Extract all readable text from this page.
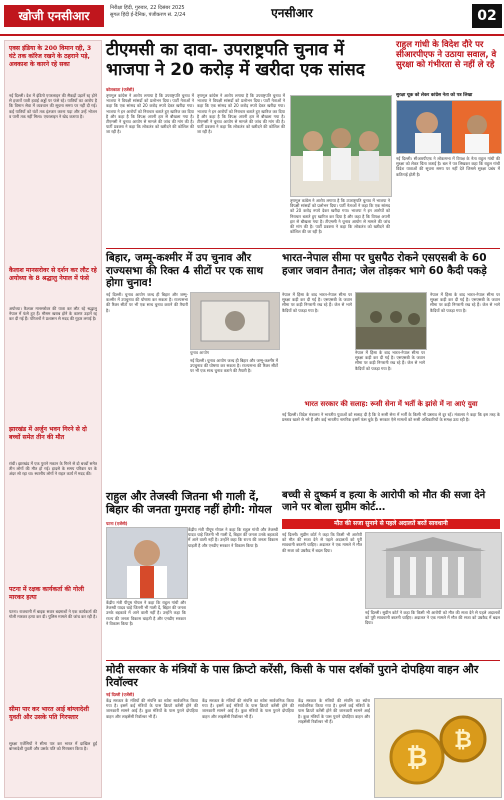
खोजी एनसीआर
निरीक्षा हिंदी, गुरुवार, 22 दिसंबर 2025
सुगल हिंदी ई-दैनिक, पंजीकरण सं. 2/24	एनसीआर	02
एक्स इंडिया के 200 विमान रद्दी, 3 घंटे तक कॉरेज रखने के ठहराने पड़े, अवकाश के कारने रहे सका

नई दिल्ली। देश में इंडिगो एयरलाइन की सैकड़ों उड़ानें रद्द होने से हजारों यात्री हवाई अड्डों पर फंसे रहे। यात्रियों का आरोप है कि विमान सेवा में व्यवधान की सूचना समय पर नहीं दी गई। कई यात्रियों को घंटों तक इंतजार करना पड़ा और उन्हें भोजन व पानी तक नहीं मिला। एयरलाइन ने खेद जताया है।

कैलाश मानसरोवर से दर्शन कर लौट रहे अयोध्या के 8 श्रद्धालु नेपाल में फंसे

अयोध्या। कैलाश मानसरोवर की यात्रा कर लौट रहे श्रद्धालु नेपाल में फंसे हुए हैं। मौसम खराब होने के कारण उड़ानें रद्द कर दी गई हैं। परिजनों ने प्रशासन से मदद की गुहार लगाई है।

झारखंड में अर्जुन भवन गिरने से दो बच्चों समेत तीन की मौत

रांची। झारखंड में एक पुराने मकान के गिरने से दो बच्चों समेत तीन लोगों की मौत हो गई। हादसे के समय परिवार घर के अंदर सो रहा था। स्थानीय लोगों ने राहत कार्य में मदद की।

पटना में रक्षक कार्यकर्ता की गोली मारकर हत्या

पटना। राजधानी में बाइक सवार बदमाशों ने एक कार्यकर्ता की गोली मारकर हत्या कर दी। पुलिस मामले की जांच कर रही है।

सीमा पार कर भारत आई बांग्लादेशी युवती और उसके पति गिरफ्तार

सुरक्षा एजेंसियों ने सीमा पार कर भारत में दाखिल हुई बांग्लादेशी युवती और उसके पति को गिरफ्तार किया है।

टीएमसी का दावा- उपराष्ट्रपति चुनाव में भाजपा ने 20 करोड़ में खरीदा एक सांसद
कोलकाता (एजेंसी)

तृणमूल कांग्रेस ने आरोप लगाया है कि उपराष्ट्रपति चुनाव में भाजपा ने विपक्षी सांसदों को प्रलोभन दिया। पार्टी नेताओं ने कहा कि एक सांसद को 20 करोड़ रुपये देकर खरीदा गया। भाजपा ने इन आरोपों को निराधार बताते हुए खारिज कर दिया है और कहा है कि विपक्ष अपनी हार से बौखला गया है। टीएमसी ने चुनाव आयोग से मामले की जांच की मांग की है। पार्टी प्रवक्ता ने कहा कि लोकतंत्र को खरीदने की कोशिश की जा रही है।

तृणमूल कांग्रेस ने आरोप लगाया है कि उपराष्ट्रपति चुनाव में भाजपा ने विपक्षी सांसदों को प्रलोभन दिया। पार्टी नेताओं ने कहा कि एक सांसद को 20 करोड़ रुपये देकर खरीदा गया। भाजपा ने इन आरोपों को निराधार बताते हुए खारिज कर दिया है और कहा है कि विपक्ष अपनी हार से बौखला गया है। टीएमसी ने चुनाव आयोग से मामले की जांच की मांग की है। पार्टी प्रवक्ता ने कहा कि लोकतंत्र को खरीदने की कोशिश की जा रही है।

तृणमूल कांग्रेस ने आरोप लगाया है कि उपराष्ट्रपति चुनाव में भाजपा ने विपक्षी सांसदों को प्रलोभन दिया। पार्टी नेताओं ने कहा कि एक सांसद को 20 करोड़ रुपये देकर खरीदा गया। भाजपा ने इन आरोपों को निराधार बताते हुए खारिज कर दिया है और कहा है कि विपक्ष अपनी हार से बौखला गया है। टीएमसी ने चुनाव आयोग से मामले की जांच की मांग की है। पार्टी प्रवक्ता ने कहा कि लोकतंत्र को खरीदने की कोशिश की जा रही है।

राहुल गांधी के विदेश दौरे पर सीआरपीएफ ने उठाया सवाल, वे सुरक्षा को गंभीरता से नहीं ले रहे
सुरक्षा चूक को लेकर कांग्रेस नेता को पत्र लिखा

नई दिल्ली। सीआरपीएफ ने लोकसभा में विपक्ष के नेता राहुल गांधी की सुरक्षा को लेकर चिंता जताई है। बल ने पत्र लिखकर कहा कि राहुल गांधी विदेश यात्राओं की सूचना समय पर नहीं देते जिससे सुरक्षा प्रबंध में कठिनाई होती है।

बिहार, जम्मू-कश्मीर में उप चुनाव और राज्यसभा की रिक्त 4 सीटों पर एक साथ होगा चुनाव!

नई दिल्ली। चुनाव आयोग जल्द ही बिहार और जम्मू-कश्मीर में उपचुनाव की घोषणा कर सकता है। राज्यसभा की रिक्त सीटों पर भी एक साथ चुनाव कराने की तैयारी है।

चुनाव आयोग

नई दिल्ली। चुनाव आयोग जल्द ही बिहार और जम्मू-कश्मीर में उपचुनाव की घोषणा कर सकता है। राज्यसभा की रिक्त सीटों पर भी एक साथ चुनाव कराने की तैयारी है।

भारत-नेपाल सीमा पर घुसपैठ रोकने एसएसबी के 60 हजार जवान तैनात; जेल तोड़कर भागे 60 कैदी पकड़े

नेपाल में हिंसा के बाद भारत-नेपाल सीमा पर सुरक्षा कड़ी कर दी गई है। एसएसबी के जवान सीमा पर कड़ी निगरानी रख रहे हैं। जेल से भागे कैदियों को पकड़ा गया है।

नेपाल में हिंसा के बाद भारत-नेपाल सीमा पर सुरक्षा कड़ी कर दी गई है। एसएसबी के जवान सीमा पर कड़ी निगरानी रख रहे हैं। जेल से भागे कैदियों को पकड़ा गया है।

नेपाल में हिंसा के बाद भारत-नेपाल सीमा पर सुरक्षा कड़ी कर दी गई है। एसएसबी के जवान सीमा पर कड़ी निगरानी रख रहे हैं। जेल से भागे कैदियों को पकड़ा गया है।

भारत सरकार की सलाह: रूसी सेना में भर्ती के झांसे में ना आएं युवा

नई दिल्ली। विदेश मंत्रालय ने भारतीय युवाओं को सलाह दी है कि वे रूसी सेना में भर्ती के किसी भी प्रस्ताव से दूर रहें। मंत्रालय ने कहा कि इस तरह के प्रस्ताव खतरे से भरे हैं और कई भारतीय नागरिक इसमें फंस चुके हैं। सरकार ऐसे मामलों को रूसी अधिकारियों के समक्ष उठा रही है।

राहुल और तेजस्वी जितना भी गाली दें, बिहार की जनता गुमराह नहीं होगी: गोयल
पटना (एजेंसी)

केंद्रीय मंत्री पीयूष गोयल ने कहा कि राहुल गांधी और तेजस्वी यादव चाहे जितनी भी गाली दें, बिहार की जनता उनके बहकावे में आने वाली नहीं है। उन्होंने कहा कि राज्य की जनता विकास चाहती है और एनडीए सरकार ने विकास किया है।

केंद्रीय मंत्री पीयूष गोयल ने कहा कि राहुल गांधी और तेजस्वी यादव चाहे जितनी भी गाली दें, बिहार की जनता उनके बहकावे में आने वाली नहीं है। उन्होंने कहा कि राज्य की जनता विकास चाहती है और एनडीए सरकार ने विकास किया है।

बच्ची से दुष्कर्म व हत्या के आरोपी को मौत की सजा देने जाने पर बोला सुप्रीम कोर्ट…
मौत की सजा सुनाने से पहले अदालतें बरतें सावधानी

नई दिल्ली। सुप्रीम कोर्ट ने कहा कि किसी भी आरोपी को मौत की सजा देने से पहले अदालतों को पूरी सावधानी बरतनी चाहिए। अदालत ने एक मामले में मौत की सजा को उम्रकैद में बदल दिया।

नई दिल्ली। सुप्रीम कोर्ट ने कहा कि किसी भी आरोपी को मौत की सजा देने से पहले अदालतों को पूरी सावधानी बरतनी चाहिए। अदालत ने एक मामले में मौत की सजा को उम्रकैद में बदल दिया।

मोदी सरकार के मंत्रियों के पास क्रिप्टो करेंसी, किसी के पास दर्शकों पुराने दोपहिया वाहन और रिवॉल्वर
नई दिल्ली (एजेंसी)

केंद्र सरकार के मंत्रियों की संपत्ति का ब्योरा सार्वजनिक किया गया है। इसमें कई मंत्रियों के पास क्रिप्टो करेंसी होने की जानकारी सामने आई है। कुछ मंत्रियों के पास पुराने दोपहिया वाहन और लाइसेंसी रिवॉल्वर भी हैं।

केंद्र सरकार के मंत्रियों की संपत्ति का ब्योरा सार्वजनिक किया गया है। इसमें कई मंत्रियों के पास क्रिप्टो करेंसी होने की जानकारी सामने आई है। कुछ मंत्रियों के पास पुराने दोपहिया वाहन और लाइसेंसी रिवॉल्वर भी हैं।

केंद्र सरकार के मंत्रियों की संपत्ति का ब्योरा सार्वजनिक किया गया है। इसमें कई मंत्रियों के पास क्रिप्टो करेंसी होने की जानकारी सामने आई है। कुछ मंत्रियों के पास पुराने दोपहिया वाहन और लाइसेंसी रिवॉल्वर भी हैं।

₿
₿
